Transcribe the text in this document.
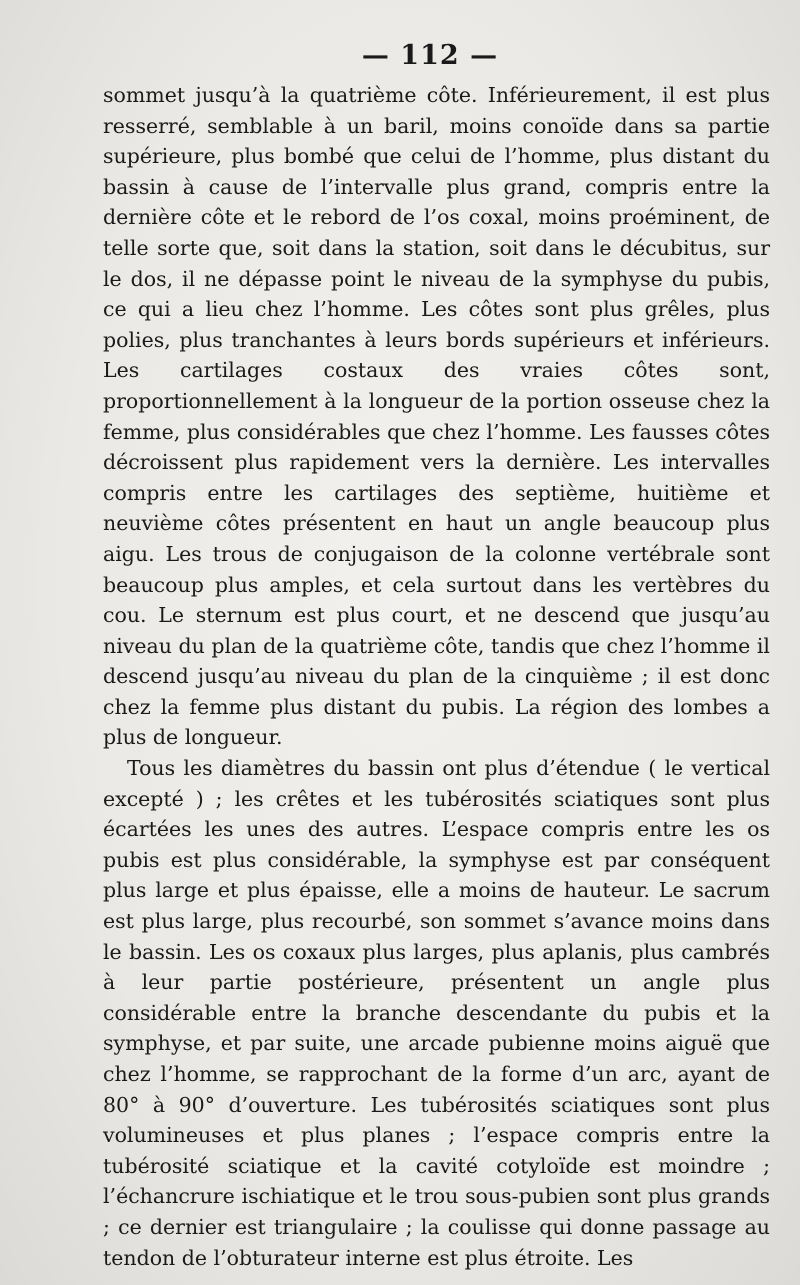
— 112 —

sommet jusqu’à la quatrième côte. Inférieurement, il est plus resserré, semblable à un baril, moins conoïde dans sa partie supérieure, plus bombé que celui de l’homme, plus distant du bassin à cause de l’intervalle plus grand, compris entre la dernière côte et le rebord de l’os coxal, moins proéminent, de telle sorte que, soit dans la station, soit dans le décubitus, sur le dos, il ne dépasse point le niveau de la symphyse du pubis, ce qui a lieu chez l’homme. Les côtes sont plus grêles, plus polies, plus tranchantes à leurs bords supérieurs et inférieurs. Les cartilages costaux des vraies côtes sont, proportionnellement à la longueur de la portion osseuse chez la femme, plus considérables que chez l’homme. Les fausses côtes décroissent plus rapidement vers la dernière. Les intervalles compris entre les cartilages des septième, huitième et neuvième côtes présentent en haut un angle beaucoup plus aigu. Les trous de conjugaison de la colonne vertébrale sont beaucoup plus amples, et cela surtout dans les vertèbres du cou. Le sternum est plus court, et ne descend que jusqu’au niveau du plan de la quatrième côte, tandis que chez l’homme il descend jusqu’au niveau du plan de la cinquième ; il est donc chez la femme plus distant du pubis. La région des lombes a plus de longueur.

Tous les diamètres du bassin ont plus d’étendue ( le vertical excepté ) ; les crêtes et les tubérosités sciatiques sont plus écartées les unes des autres. L’espace compris entre les os pubis est plus considérable, la symphyse est par conséquent plus large et plus épaisse, elle a moins de hauteur. Le sacrum est plus large, plus recourbé, son sommet s’avance moins dans le bassin. Les os coxaux plus larges, plus aplanis, plus cambrés à leur partie postérieure, présentent un angle plus considérable entre la branche descendante du pubis et la symphyse, et par suite, une arcade pubienne moins aiguë que chez l’homme, se rapprochant de la forme d’un arc, ayant de 80° à 90° d’ouverture. Les tubérosités sciatiques sont plus volumineuses et plus planes ; l’espace compris entre la tubérosité sciatique et la cavité cotyloïde est moindre ; l’échancrure ischiatique et le trou sous-pubien sont plus grands ; ce dernier est triangulaire ; la coulisse qui donne passage au tendon de l’obturateur interne est plus étroite. Les
